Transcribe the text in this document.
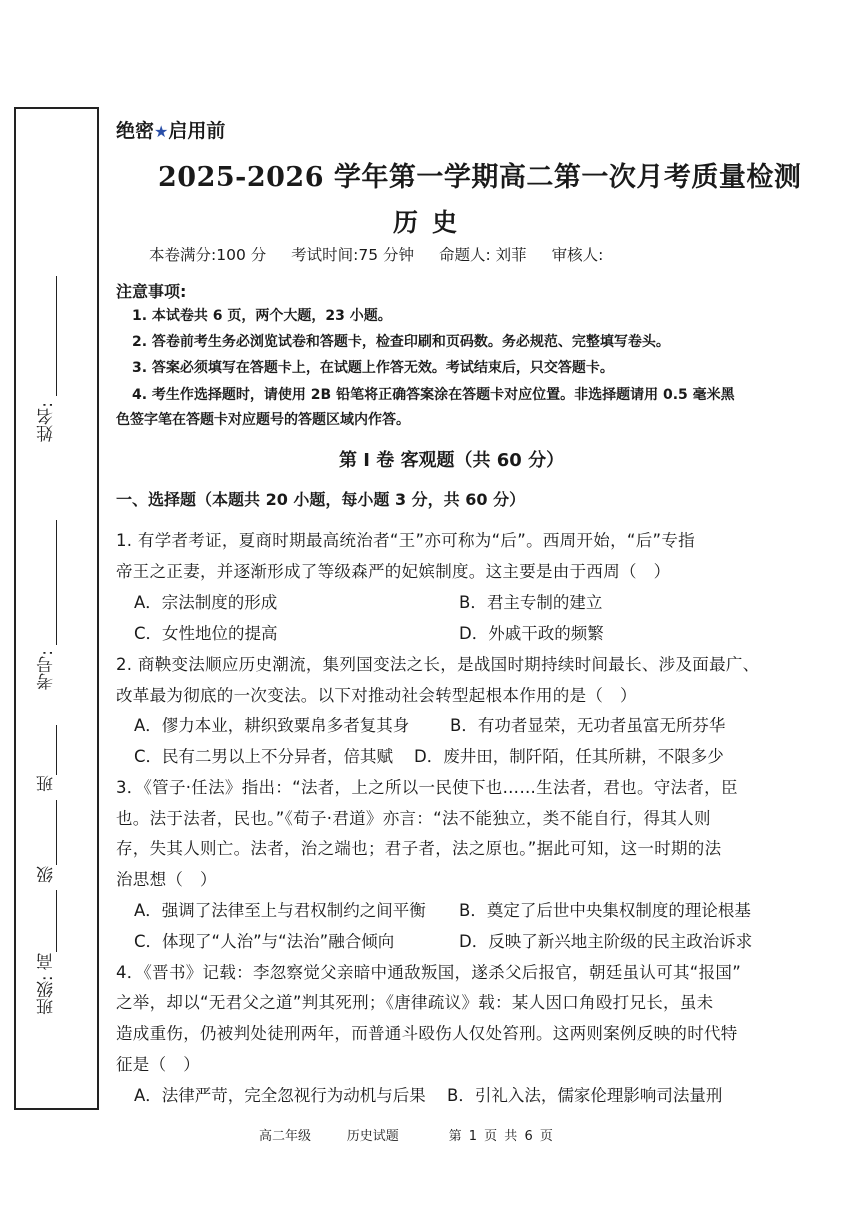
姓名:
考号:
班
级
班级: 高
绝密★启用前
2025-2026 学年第一学期高二第一次月考质量检测
历史
本卷满分:100 分 考试时间:75 分钟 命题人: 刘菲 审核人:
注意事项:
1. 本试卷共 6 页，两个大题，23 小题。
2. 答卷前考生务必浏览试卷和答题卡，检查印刷和页码数。务必规范、完整填写卷头。
3. 答案必须填写在答题卡上，在试题上作答无效。考试结束后，只交答题卡。
4. 考生作选择题时，请使用 2B 铅笔将正确答案涂在答题卡对应位置。非选择题请用 0.5 毫米黑
色签字笔在答题卡对应题号的答题区域内作答。
第 I 卷 客观题（共 60 分）
一、选择题（本题共 20 小题，每小题 3 分，共 60 分）
1. 有学者考证，夏商时期最高统治者“王”亦可称为“后”。西周开始，“后”专指
帝王之正妻，并逐渐形成了等级森严的妃嫔制度。这主要是由于西周（　）
A．宗法制度的形成	B．君主专制的建立
C．女性地位的提高	D．外戚干政的频繁
2. 商鞅变法顺应历史潮流，集列国变法之长，是战国时期持续时间最长、涉及面最广、
改革最为彻底的一次变法。以下对推动社会转型起根本作用的是（　）
A．僇力本业，耕织致粟帛多者复其身 B．有功者显荣，无功者虽富无所芬华
C．民有二男以上不分异者，倍其赋 D．废井田，制阡陌，任其所耕，不限多少
3．《管子·任法》指出：“法者，上之所以一民使下也……生法者，君也。守法者，臣
也。法于法者，民也。”《荀子·君道》亦言：“法不能独立，类不能自行，得其人则
存，失其人则亡。法者，治之端也；君子者，法之原也。”据此可知，这一时期的法
治思想（　）
A．强调了法律至上与君权制约之间平衡 B．奠定了后世中央集权制度的理论根基
C．体现了“人治”与“法治”融合倾向	D．反映了新兴地主阶级的民主政治诉求
4．《晋书》记载：李忽察觉父亲暗中通敌叛国，遂杀父后报官，朝廷虽认可其“报国”
之举，却以“无君父之道”判其死刑；《唐律疏议》载：某人因口角殴打兄长，虽未
造成重伤，仍被判处徒刑两年，而普通斗殴伤人仅处笞刑。这两则案例反映的时代特
征是（　）
A．法律严苛，完全忽视行为动机与后果 B．引礼入法，儒家伦理影响司法量刑
高二年级	历史试题	第 1 页 共 6 页
